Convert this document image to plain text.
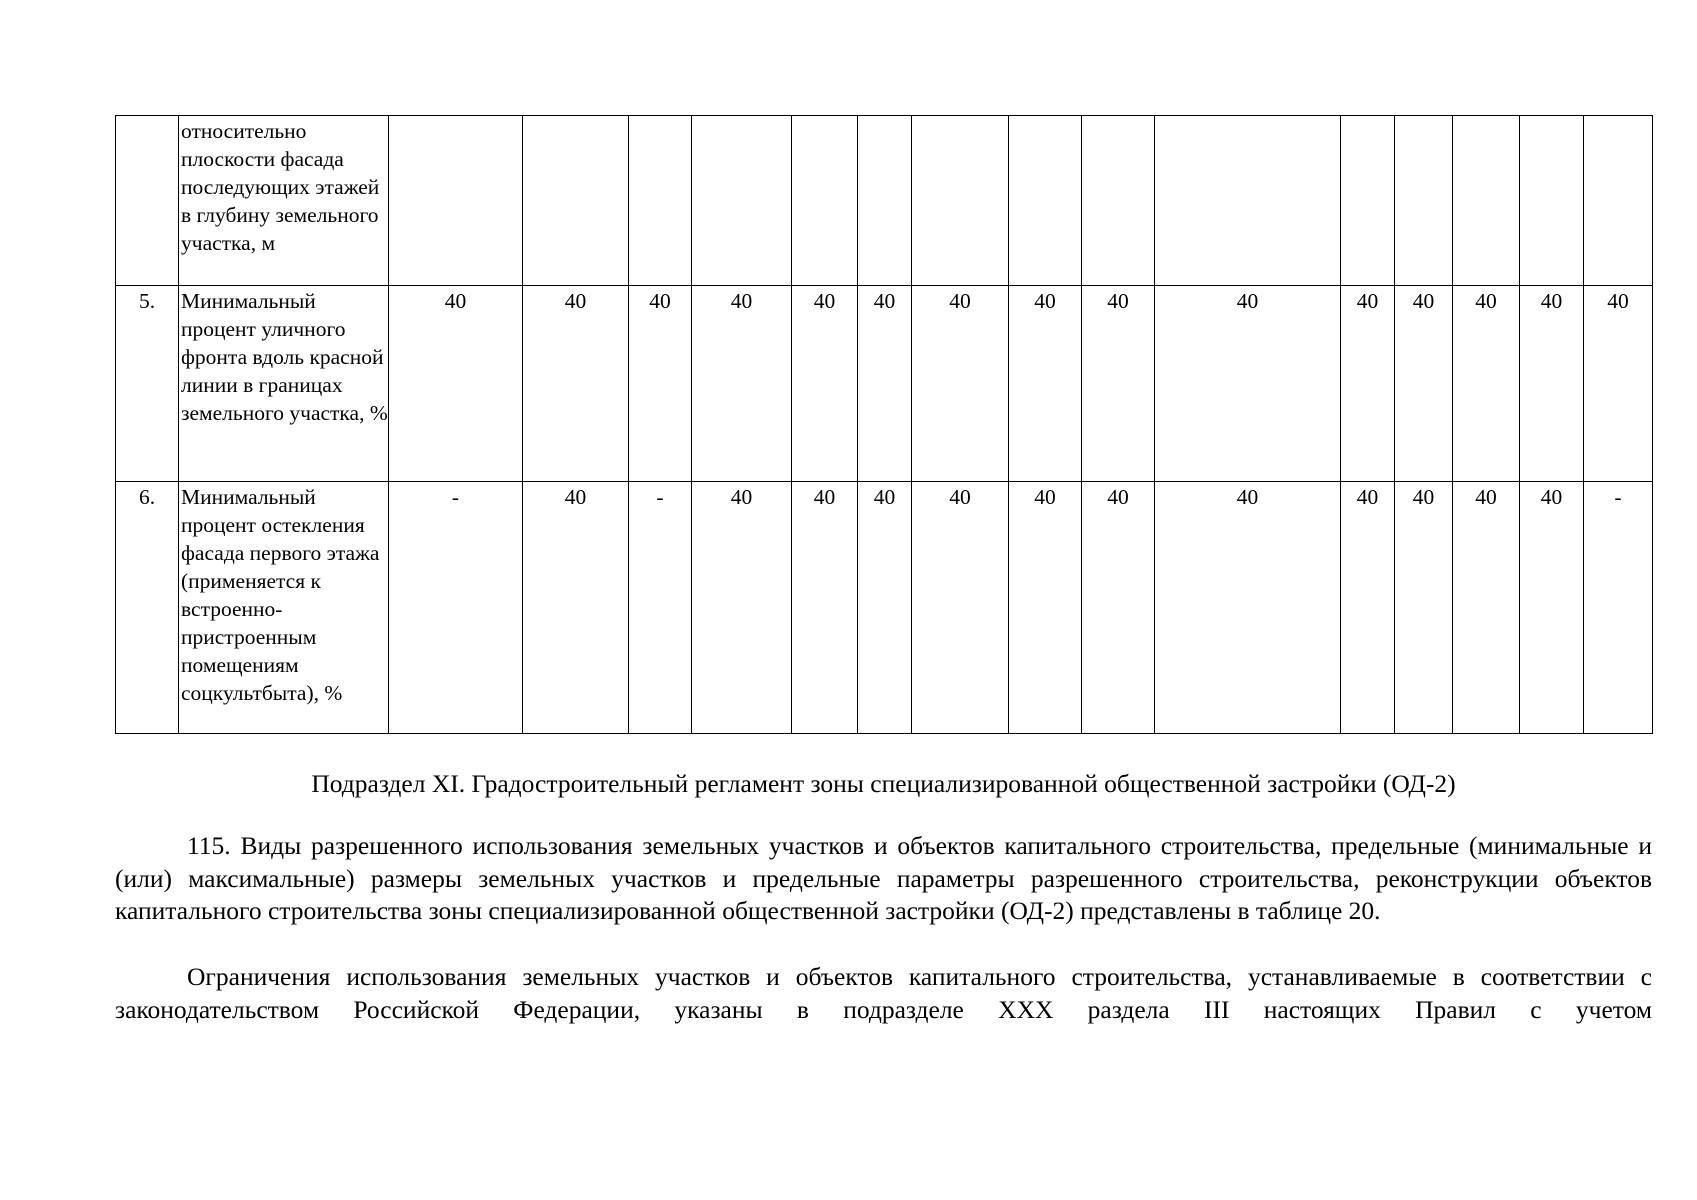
	относительно плоскости фасада последующих этажей в глубину земельного участка, м															
5.	Минимальный процент уличного фронта вдоль красной линии в границах земельного участка, %	40	40	40	40	40	40	40	40	40	40	40	40	40	40	40
6.	Минимальный процент остекления фасада первого этажа (применяется к встроенно-пристроенным помещениям соцкультбыта), %	-	40	-	40	40	40	40	40	40	40	40	40	40	40	-

Подраздел XI. Градостроительный регламент зоны специализированной общественной застройки (ОД-2)

115. Виды разрешенного использования земельных участков и объектов капитального строительства, предельные (минимальные и (или) максимальные) размеры земельных участков и предельные параметры разрешенного строительства, реконструкции объектов капитального строительства зоны специализированной общественной застройки (ОД-2) представлены в таблице 20.

Ограничения использования земельных участков и объектов капитального строительства, устанавливаемые в соответствии с законодательством Российской Федерации, указаны в подразделе XXX раздела III настоящих Правил с учетом
